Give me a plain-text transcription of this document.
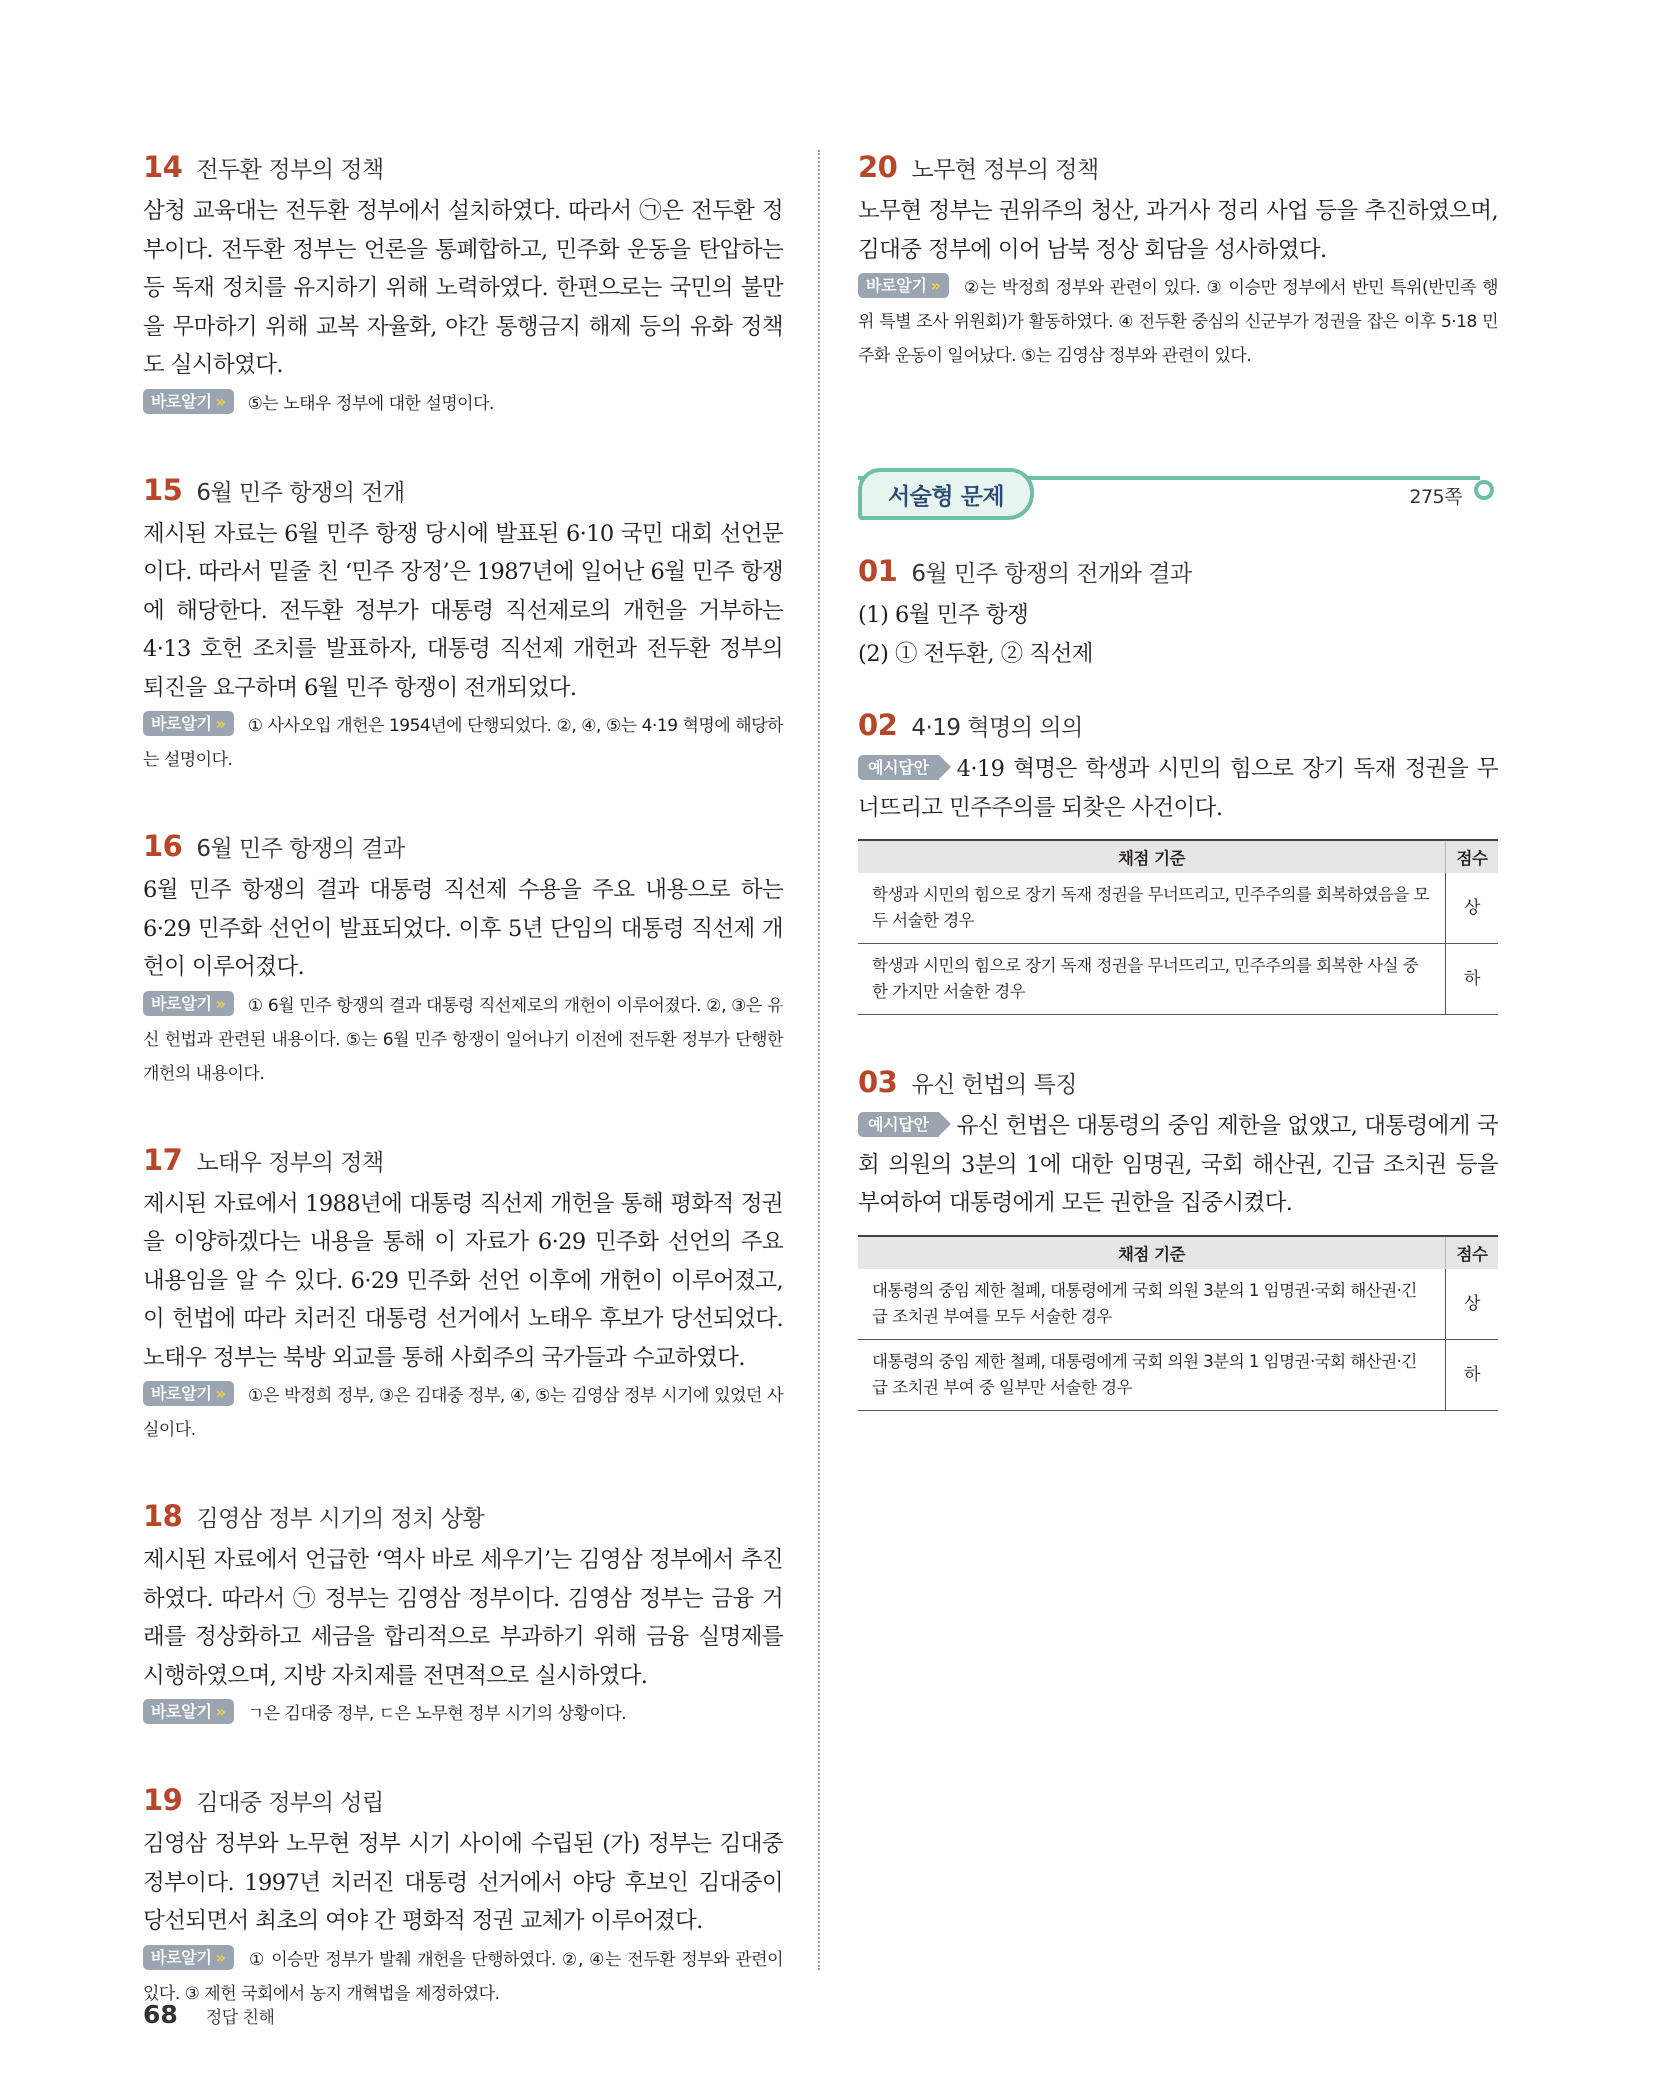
14 전두환 정부의 정책

삼청 교육대는 전두환 정부에서 설치하였다. 따라서 ㉠은 전두환 정부이다. 전두환 정부는 언론을 통폐합하고, 민주화 운동을 탄압하는 등 독재 정치를 유지하기 위해 노력하였다. 한편으로는 국민의 불만을 무마하기 위해 교복 자율화, 야간 통행금지 해제 등의 유화 정책도 실시하였다.

바로알기 » ⑤는 노태우 정부에 대한 설명이다.

15 6월 민주 항쟁의 전개

제시된 자료는 6월 민주 항쟁 당시에 발표된 6·10 국민 대회 선언문이다. 따라서 밑줄 친 ‘민주 장정’은 1987년에 일어난 6월 민주 항쟁에 해당한다. 전두환 정부가 대통령 직선제로의 개헌을 거부하는 4·13 호헌 조치를 발표하자, 대통령 직선제 개헌과 전두환 정부의 퇴진을 요구하며 6월 민주 항쟁이 전개되었다.

바로알기 » ① 사사오입 개헌은 1954년에 단행되었다. ②, ④, ⑤는 4·19 혁명에 해당하는 설명이다.

16 6월 민주 항쟁의 결과

6월 민주 항쟁의 결과 대통령 직선제 수용을 주요 내용으로 하는 6·29 민주화 선언이 발표되었다. 이후 5년 단임의 대통령 직선제 개헌이 이루어졌다.

바로알기 » ① 6월 민주 항쟁의 결과 대통령 직선제로의 개헌이 이루어졌다. ②, ③은 유신 헌법과 관련된 내용이다. ⑤는 6월 민주 항쟁이 일어나기 이전에 전두환 정부가 단행한 개헌의 내용이다.

17 노태우 정부의 정책

제시된 자료에서 1988년에 대통령 직선제 개헌을 통해 평화적 정권을 이양하겠다는 내용을 통해 이 자료가 6·29 민주화 선언의 주요 내용임을 알 수 있다. 6·29 민주화 선언 이후에 개헌이 이루어졌고, 이 헌법에 따라 치러진 대통령 선거에서 노태우 후보가 당선되었다. 노태우 정부는 북방 외교를 통해 사회주의 국가들과 수교하였다.

바로알기 » ①은 박정희 정부, ③은 김대중 정부, ④, ⑤는 김영삼 정부 시기에 있었던 사실이다.

18 김영삼 정부 시기의 정치 상황

제시된 자료에서 언급한 ‘역사 바로 세우기’는 김영삼 정부에서 추진하였다. 따라서 ㉠ 정부는 김영삼 정부이다. 김영삼 정부는 금융 거래를 정상화하고 세금을 합리적으로 부과하기 위해 금융 실명제를 시행하였으며, 지방 자치제를 전면적으로 실시하였다.

바로알기 » ㄱ은 김대중 정부, ㄷ은 노무현 정부 시기의 상황이다.

19 김대중 정부의 성립

김영삼 정부와 노무현 정부 시기 사이에 수립된 (가) 정부는 김대중 정부이다. 1997년 치러진 대통령 선거에서 야당 후보인 김대중이 당선되면서 최초의 여야 간 평화적 정권 교체가 이루어졌다.

바로알기 » ① 이승만 정부가 발췌 개헌을 단행하였다. ②, ④는 전두환 정부와 관련이 있다. ③ 제헌 국회에서 농지 개혁법을 제정하였다.

20 노무현 정부의 정책

노무현 정부는 권위주의 청산, 과거사 정리 사업 등을 추진하였으며, 김대중 정부에 이어 남북 정상 회담을 성사하였다.

바로알기 » ②는 박정희 정부와 관련이 있다. ③ 이승만 정부에서 반민 특위(반민족 행위 특별 조사 위원회)가 활동하였다. ④ 전두환 중심의 신군부가 정권을 잡은 이후 5·18 민주화 운동이 일어났다. ⑤는 김영삼 정부와 관련이 있다.

서술형 문제	275쪽
01 6월 민주 항쟁의 전개와 결과

(1) 6월 민주 항쟁

(2) ① 전두환, ② 직선제

02 4·19 혁명의 의의

예시답안 4·19 혁명은 학생과 시민의 힘으로 장기 독재 정권을 무너뜨리고 민주주의를 되찾은 사건이다.

채점 기준	점수
학생과 시민의 힘으로 장기 독재 정권을 무너뜨리고, 민주주의를 회복하였음을 모두 서술한 경우	상
학생과 시민의 힘으로 장기 독재 정권을 무너뜨리고, 민주주의를 회복한 사실 중 한 가지만 서술한 경우	하
03 유신 헌법의 특징

예시답안 유신 헌법은 대통령의 중임 제한을 없앴고, 대통령에게 국회 의원의 3분의 1에 대한 임명권, 국회 해산권, 긴급 조치권 등을 부여하여 대통령에게 모든 권한을 집중시켰다.

채점 기준	점수
대통령의 중임 제한 철폐, 대통령에게 국회 의원 3분의 1 임명권·국회 해산권·긴급 조치권 부여를 모두 서술한 경우	상
대통령의 중임 제한 철폐, 대통령에게 국회 의원 3분의 1 임명권·국회 해산권·긴급 조치권 부여 중 일부만 서술한 경우	하
68 정답 친해
